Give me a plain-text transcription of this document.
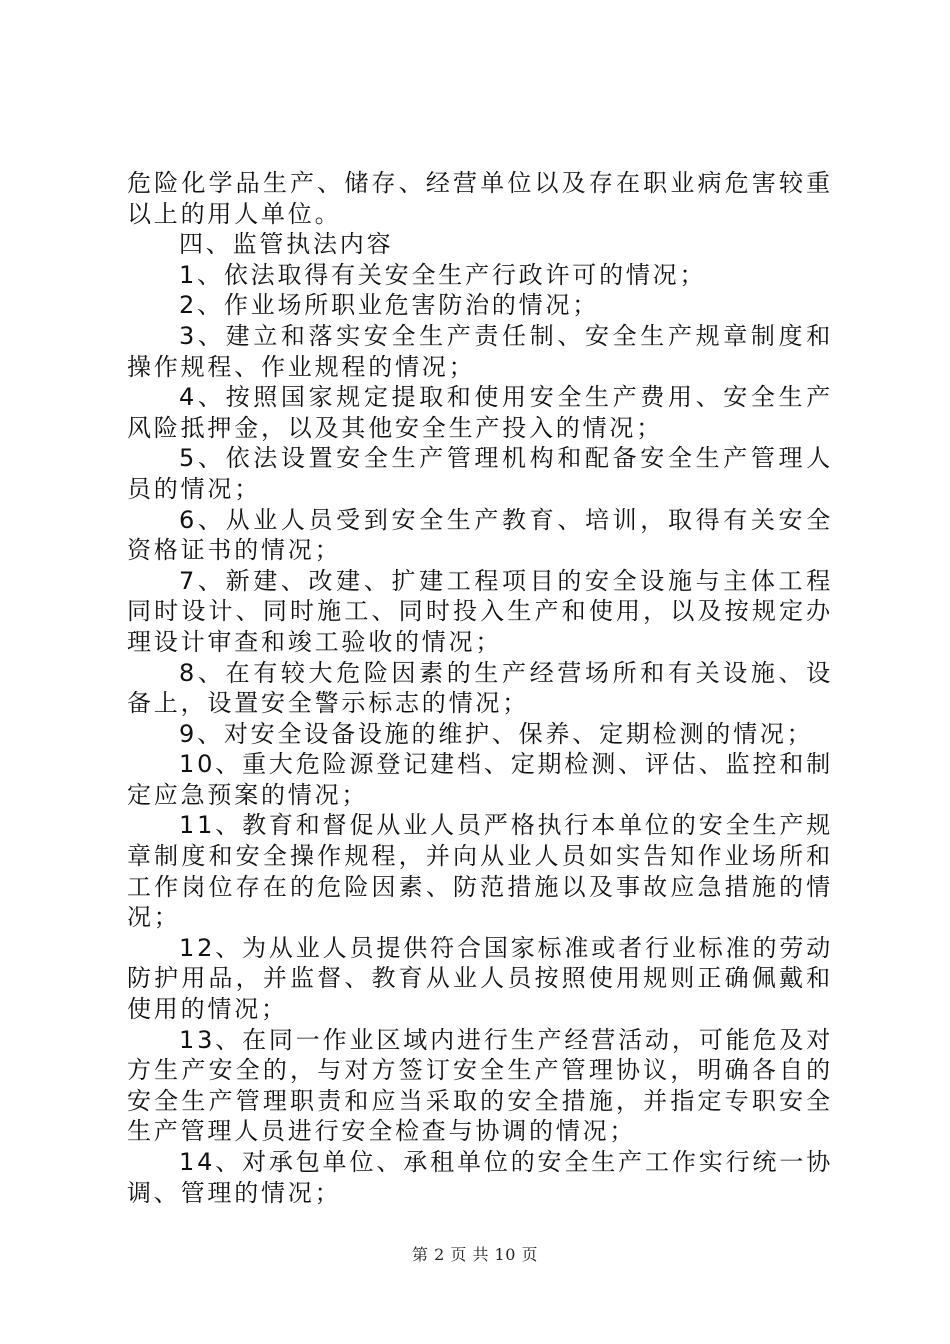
危险化学品生产、储存、经营单位以及存在职业病危害较重以上的用人单位。

四、监管执法内容

1、依法取得有关安全生产行政许可的情况；

2、作业场所职业危害防治的情况；

3、建立和落实安全生产责任制、安全生产规章制度和操作规程、作业规程的情况；

4、按照国家规定提取和使用安全生产费用、安全生产风险抵押金，以及其他安全生产投入的情况；

5、依法设置安全生产管理机构和配备安全生产管理人员的情况；

6、从业人员受到安全生产教育、培训，取得有关安全资格证书的情况；

7、新建、改建、扩建工程项目的安全设施与主体工程同时设计、同时施工、同时投入生产和使用，以及按规定办理设计审查和竣工验收的情况；

8、在有较大危险因素的生产经营场所和有关设施、设备上，设置安全警示标志的情况；

9、对安全设备设施的维护、保养、定期检测的情况；

10、重大危险源登记建档、定期检测、评估、监控和制定应急预案的情况；

11、教育和督促从业人员严格执行本单位的安全生产规章制度和安全操作规程，并向从业人员如实告知作业场所和工作岗位存在的危险因素、防范措施以及事故应急措施的情况；

12、为从业人员提供符合国家标准或者行业标准的劳动防护用品，并监督、教育从业人员按照使用规则正确佩戴和使用的情况；

13、在同一作业区域内进行生产经营活动，可能危及对方生产安全的，与对方签订安全生产管理协议，明确各自的安全生产管理职责和应当采取的安全措施，并指定专职安全生产管理人员进行安全检查与协调的情况；

14、对承包单位、承租单位的安全生产工作实行统一协调、管理的情况；

第 2 页 共 10 页
